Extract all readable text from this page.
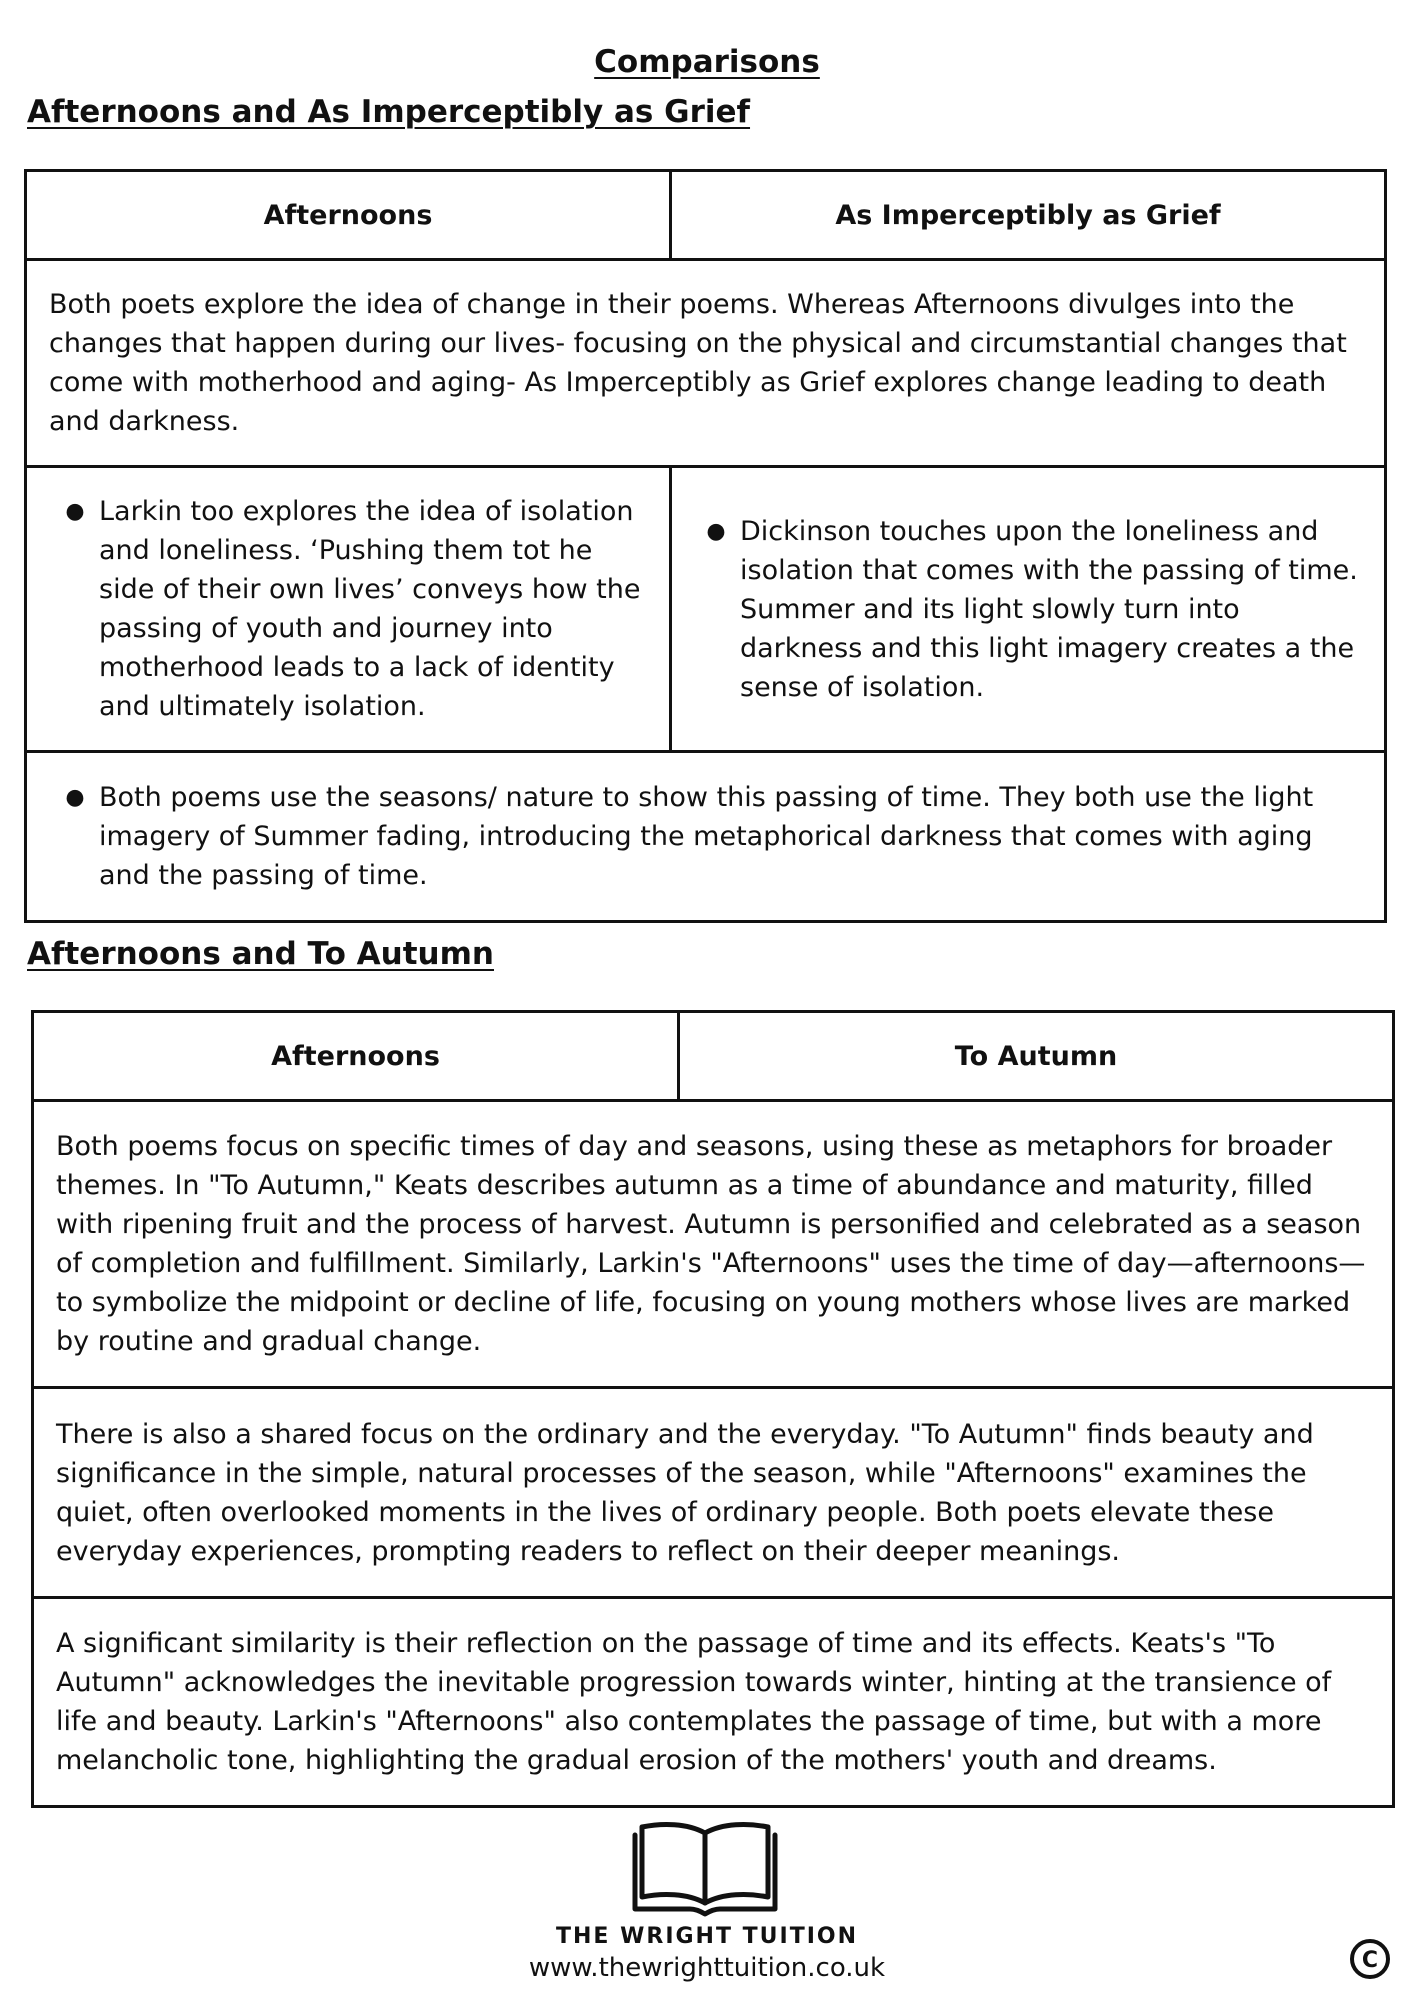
Comparisons
Afternoons and As Imperceptibly as Grief
Afternoons	As Imperceptibly as Grief

Both poets explore the idea of change in their poems. Whereas Afternoons divulges into the changes that happen during our lives- focusing on the physical and circumstantial changes that come with motherhood and aging- As Imperceptibly as Grief explores change leading to death and darkness.	

● Larkin too explores the idea of isolation and loneliness. ‘Pushing them tot he side of their own lives’ conveys how the passing of youth and journey into motherhood leads to a lack of identity and ultimately isolation.	● Dickinson touches upon the loneliness and isolation that comes with the passing of time. Summer and its light slowly turn into darkness and this light imagery creates a the sense of isolation.

● Both poems use the seasons/ nature to show this passing of time. They both use the light imagery of Summer fading, introducing the metaphorical darkness that comes with aging and the passing of time.	
Afternoons and To Autumn
Afternoons	To Autumn

Both poems focus on specific times of day and seasons, using these as metaphors for broader themes. In "To Autumn," Keats describes autumn as a time of abundance and maturity, filled with ripening fruit and the process of harvest. Autumn is personified and celebrated as a season of completion and fulfillment. Similarly, Larkin's "Afternoons" uses the time of day—afternoons—to symbolize the midpoint or decline of life, focusing on young mothers whose lives are marked by routine and gradual change.

There is also a shared focus on the ordinary and the everyday. "To Autumn" finds beauty and significance in the simple, natural processes of the season, while "Afternoons" examines the quiet, often overlooked moments in the lives of ordinary people. Both poets elevate these everyday experiences, prompting readers to reflect on their deeper meanings.

A significant similarity is their reflection on the passage of time and its effects. Keats's "To Autumn" acknowledges the inevitable progression towards winter, hinting at the transience of life and beauty. Larkin's "Afternoons" also contemplates the passage of time, but with a more melancholic tone, highlighting the gradual erosion of the mothers' youth and dreams.
THE WRIGHT TUITION
www.thewrighttuition.co.uk	C
